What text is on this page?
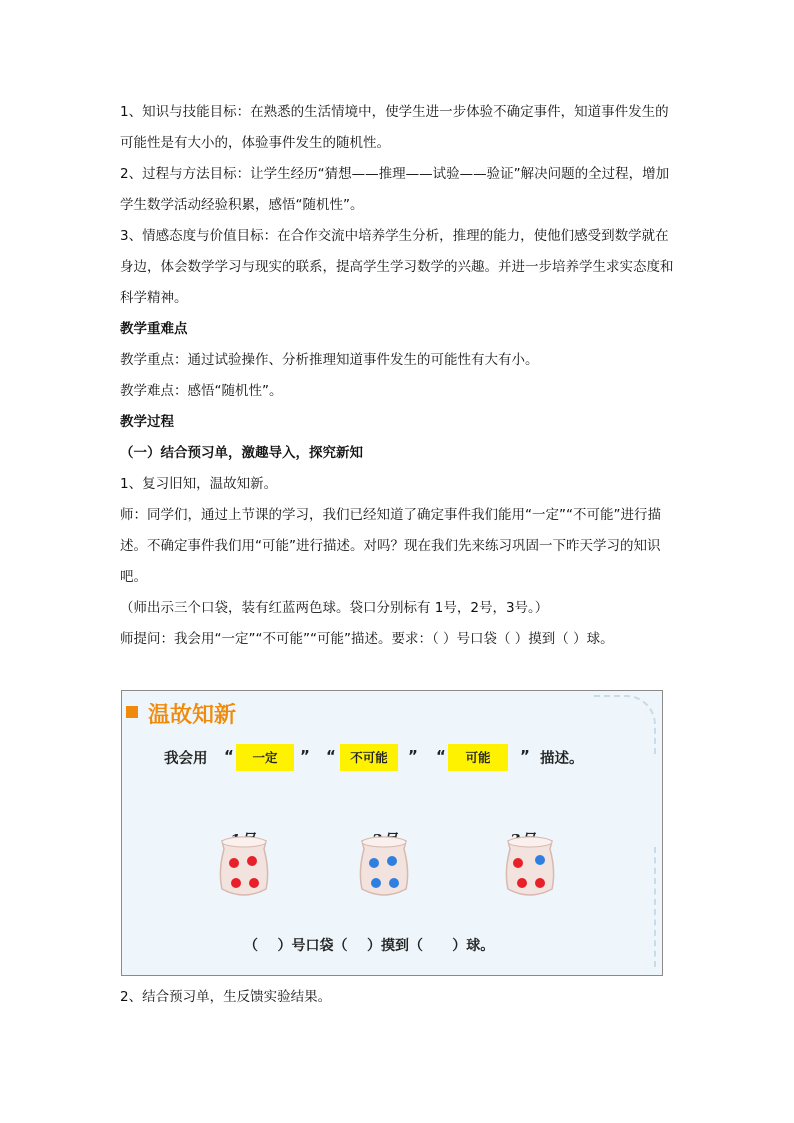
1、知识与技能目标：在熟悉的生活情境中，使学生进一步体验不确定事件，知道事件发生的可能性是有大小的，体验事件发生的随机性。

2、过程与方法目标：让学生经历“猜想——推理——试验——验证”解决问题的全过程，增加学生数学活动经验积累，感悟“随机性”。

3、情感态度与价值目标：在合作交流中培养学生分析，推理的能力，使他们感受到数学就在身边，体会数学学习与现实的联系，提高学生学习数学的兴趣。并进一步培养学生求实态度和科学精神。

教学重难点

教学重点：通过试验操作、分析推理知道事件发生的可能性有大有小。

教学难点：感悟“随机性”。

教学过程

（一）结合预习单，激趣导入，探究新知

1、复习旧知，温故知新。

师：同学们，通过上节课的学习，我们已经知道了确定事件我们能用“一定”“不可能”进行描述。不确定事件我们用“可能”进行描述。对吗？现在我们先来练习巩固一下昨天学习的知识吧。

（师出示三个口袋，装有红蓝两色球。袋口分别标有 1号，2号，3号。）

师提问：我会用“一定”“不可能”“可能”描述。要求：（ ）号口袋（ ）摸到（ ）球。

温故知新
我会用 “	一定	” “	不可能	” “	可能	” 描述。
（    ）号口袋（    ）摸到（      ）球。

2、结合预习单，生反馈实验结果。
